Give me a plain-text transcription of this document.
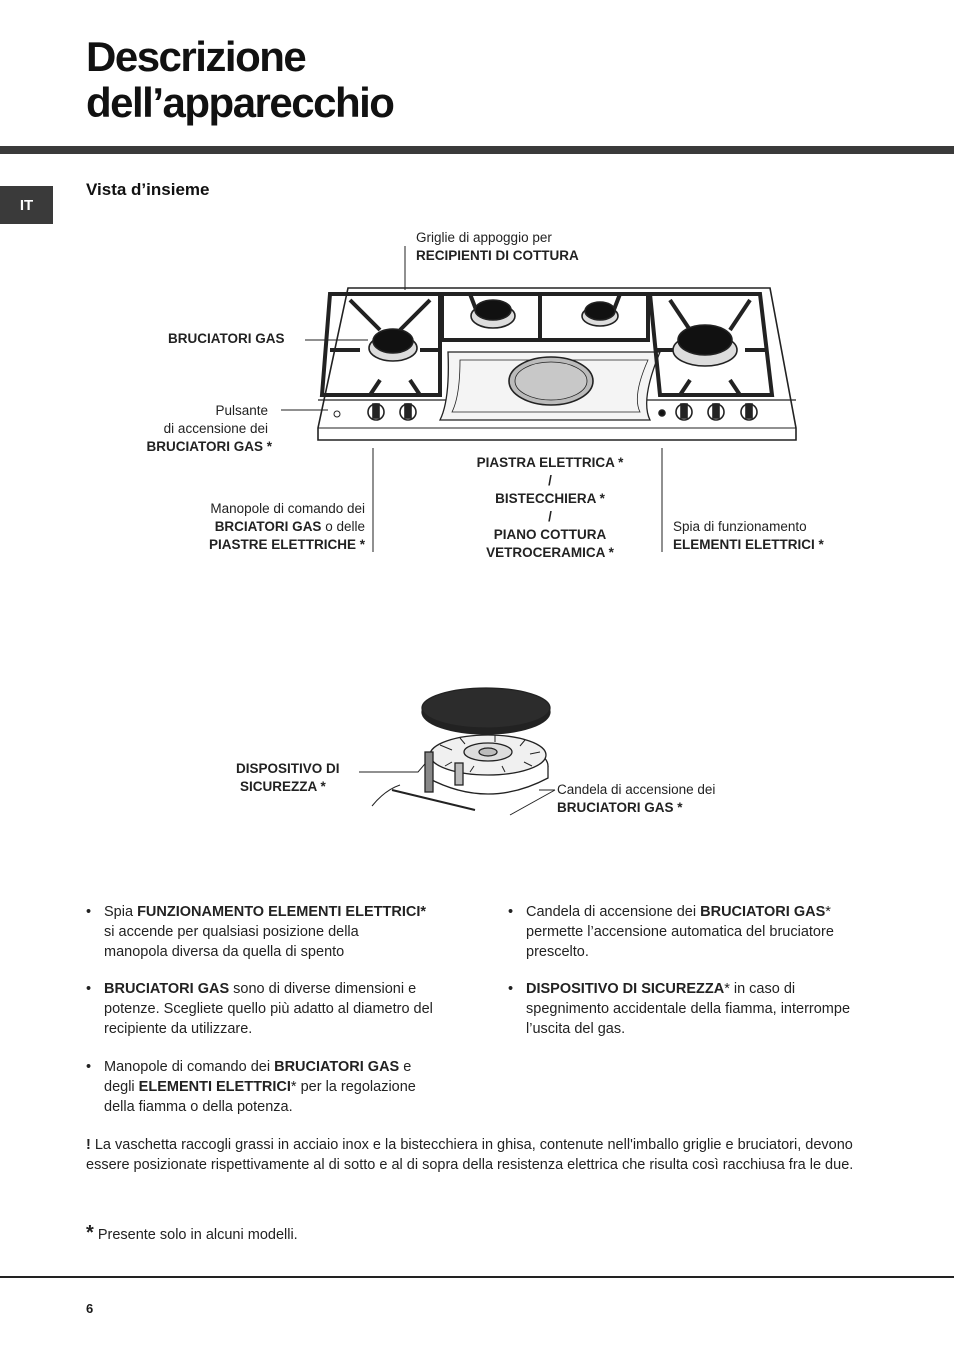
Descrizione
dell’apparecchio
IT
Vista d’insieme
Griglie di appoggio per
RECIPIENTI DI COTTURA
BRUCIATORI GAS
Pulsante
di accensione dei
BRUCIATORI GAS *
Manopole di comando dei
BRCIATORI GAS o delle
PIASTRE ELETTRICHE *
PIASTRA ELETTRICA *
/
BISTECCHIERA *
/
PIANO COTTURA
VETROCERAMICA *
Spia di funzionamento
ELEMENTI ELETTRICI *
DISPOSITIVO DI
SICUREZZA *	Candela di accensione dei
BRUCIATORI GAS *
• Spia FUNZIONAMENTO ELEMENTI ELETTRICI*
si accende per qualsiasi posizione della
manopola diversa da quella di spento
• BRUCIATORI GAS sono di diverse dimensioni e
potenze. Scegliete quello più adatto al diametro del
recipiente da utilizzare.
• Manopole di comando dei BRUCIATORI GAS e
degli ELEMENTI ELETTRICI* per la regolazione
della fiamma o della potenza.
• Candela di accensione dei BRUCIATORI GAS*
permette l’accensione automatica del bruciatore
prescelto.
• DISPOSITIVO DI SICUREZZA* in caso di
spegnimento accidentale della fiamma, interrompe
l’uscita del gas.
! La vaschetta raccogli grassi in acciaio inox e la bistecchiera in ghisa, contenute nell'imballo griglie e bruciatori, devono essere posizionate rispettivamente al di sotto e al di sopra della resistenza elettrica che risulta così racchiusa fra le due.
* Presente solo in alcuni modelli.
6
